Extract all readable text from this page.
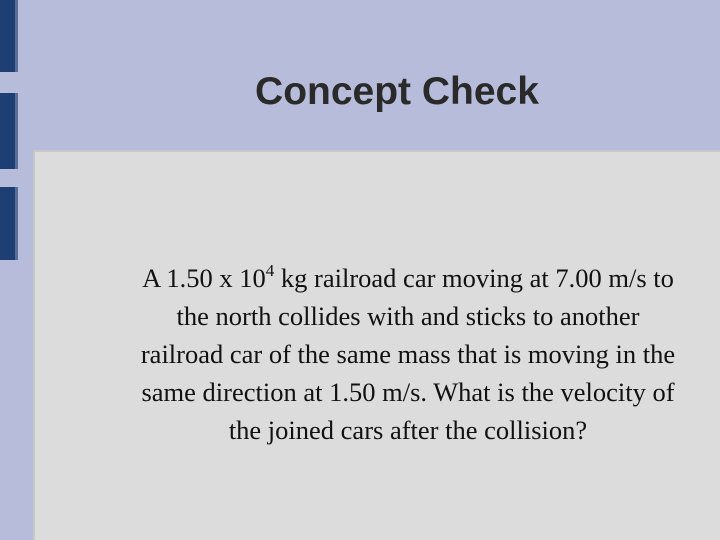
Concept Check
A 1.50 x $10^4$ kg railroad car moving at 7.00 m/s to
the north collides with and sticks to another
railroad car of the same mass that is moving in the
same direction at 1.50 m/s. What is the velocity of
the joined cars after the collision?
